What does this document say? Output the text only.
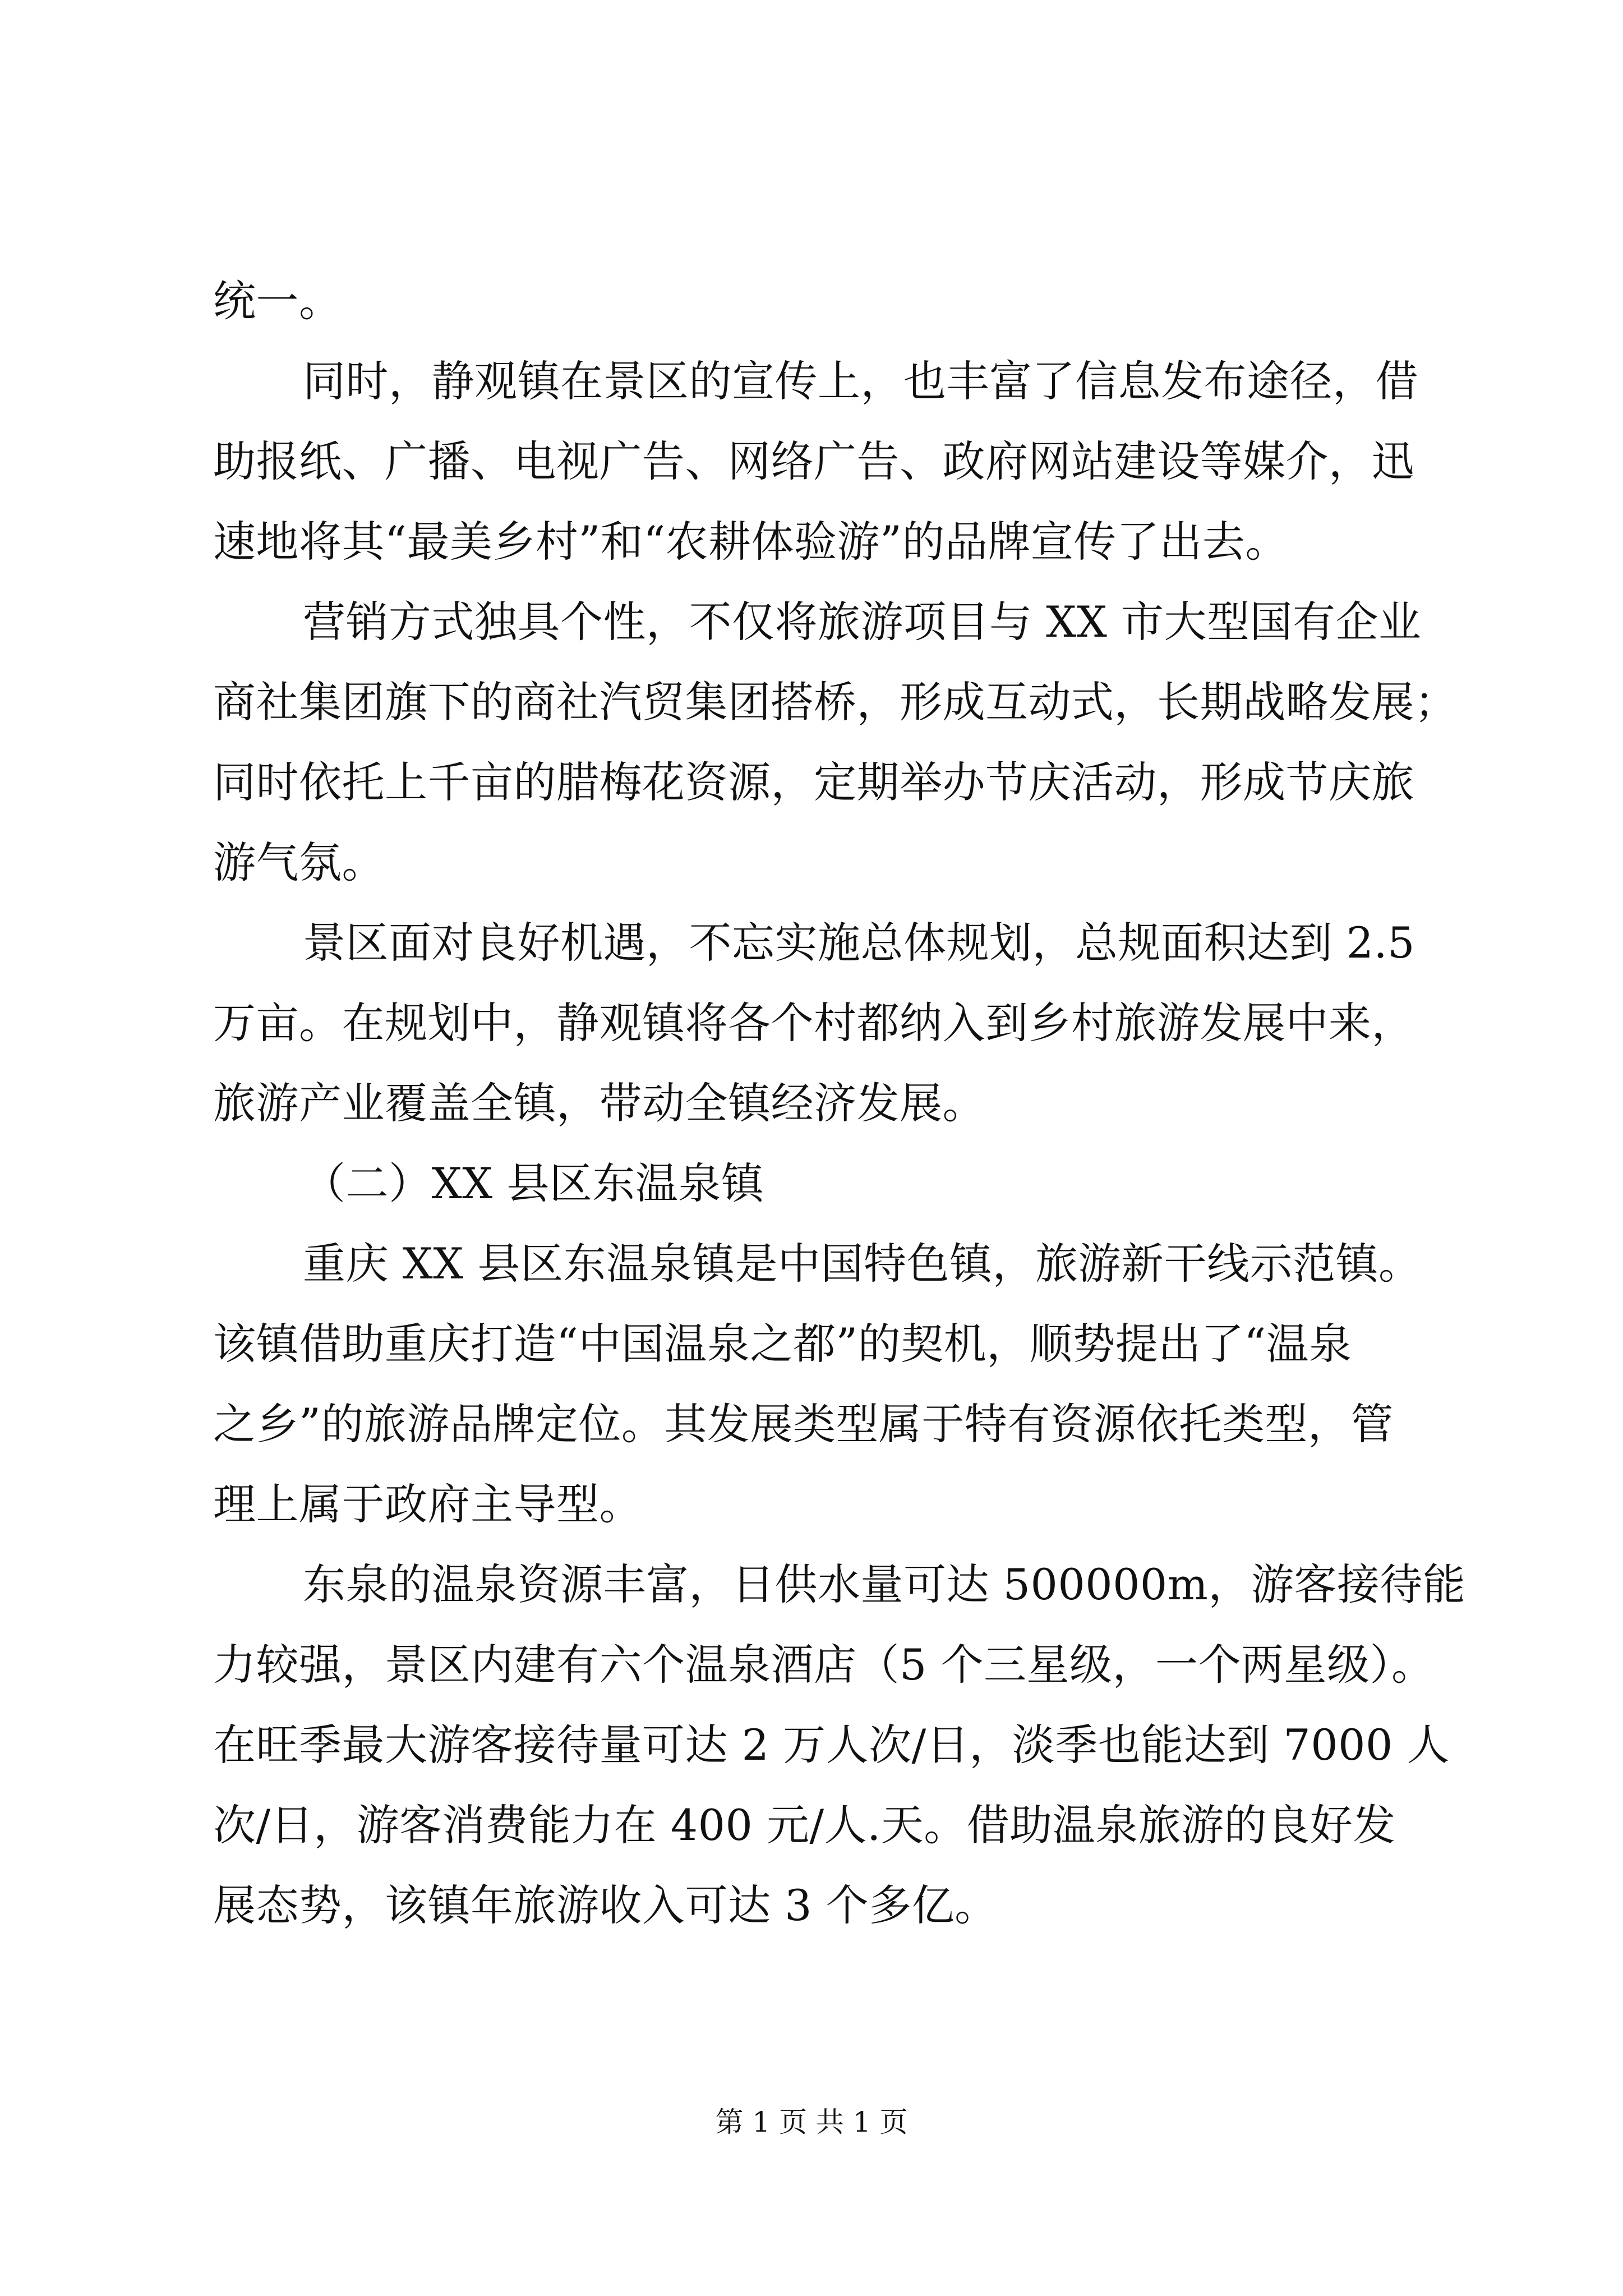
统一。
同时，静观镇在景区的宣传上，也丰富了信息发布途径，借
助报纸、广播、电视广告、网络广告、政府网站建设等媒介，迅
速地将其“最美乡村”和“农耕体验游”的品牌宣传了出去。
营销方式独具个性，不仅将旅游项目与 XX 市大型国有企业
商社集团旗下的商社汽贸集团搭桥，形成互动式，长期战略发展；
同时依托上千亩的腊梅花资源，定期举办节庆活动，形成节庆旅
游气氛。
景区面对良好机遇，不忘实施总体规划，总规面积达到 2.5
万亩。在规划中，静观镇将各个村都纳入到乡村旅游发展中来，
旅游产业覆盖全镇，带动全镇经济发展。
（二）XX 县区东温泉镇
重庆 XX 县区东温泉镇是中国特色镇，旅游新干线示范镇。
该镇借助重庆打造“中国温泉之都”的契机，顺势提出了“温泉
之乡”的旅游品牌定位。其发展类型属于特有资源依托类型，管
理上属于政府主导型。
东泉的温泉资源丰富，日供水量可达 500000m，游客接待能
力较强，景区内建有六个温泉酒店（5 个三星级，一个两星级）。
在旺季最大游客接待量可达 2 万人次/日，淡季也能达到 7000 人
次/日，游客消费能力在 400 元/人.天。借助温泉旅游的良好发
展态势，该镇年旅游收入可达 3 个多亿。
第 1 页 共 1 页
